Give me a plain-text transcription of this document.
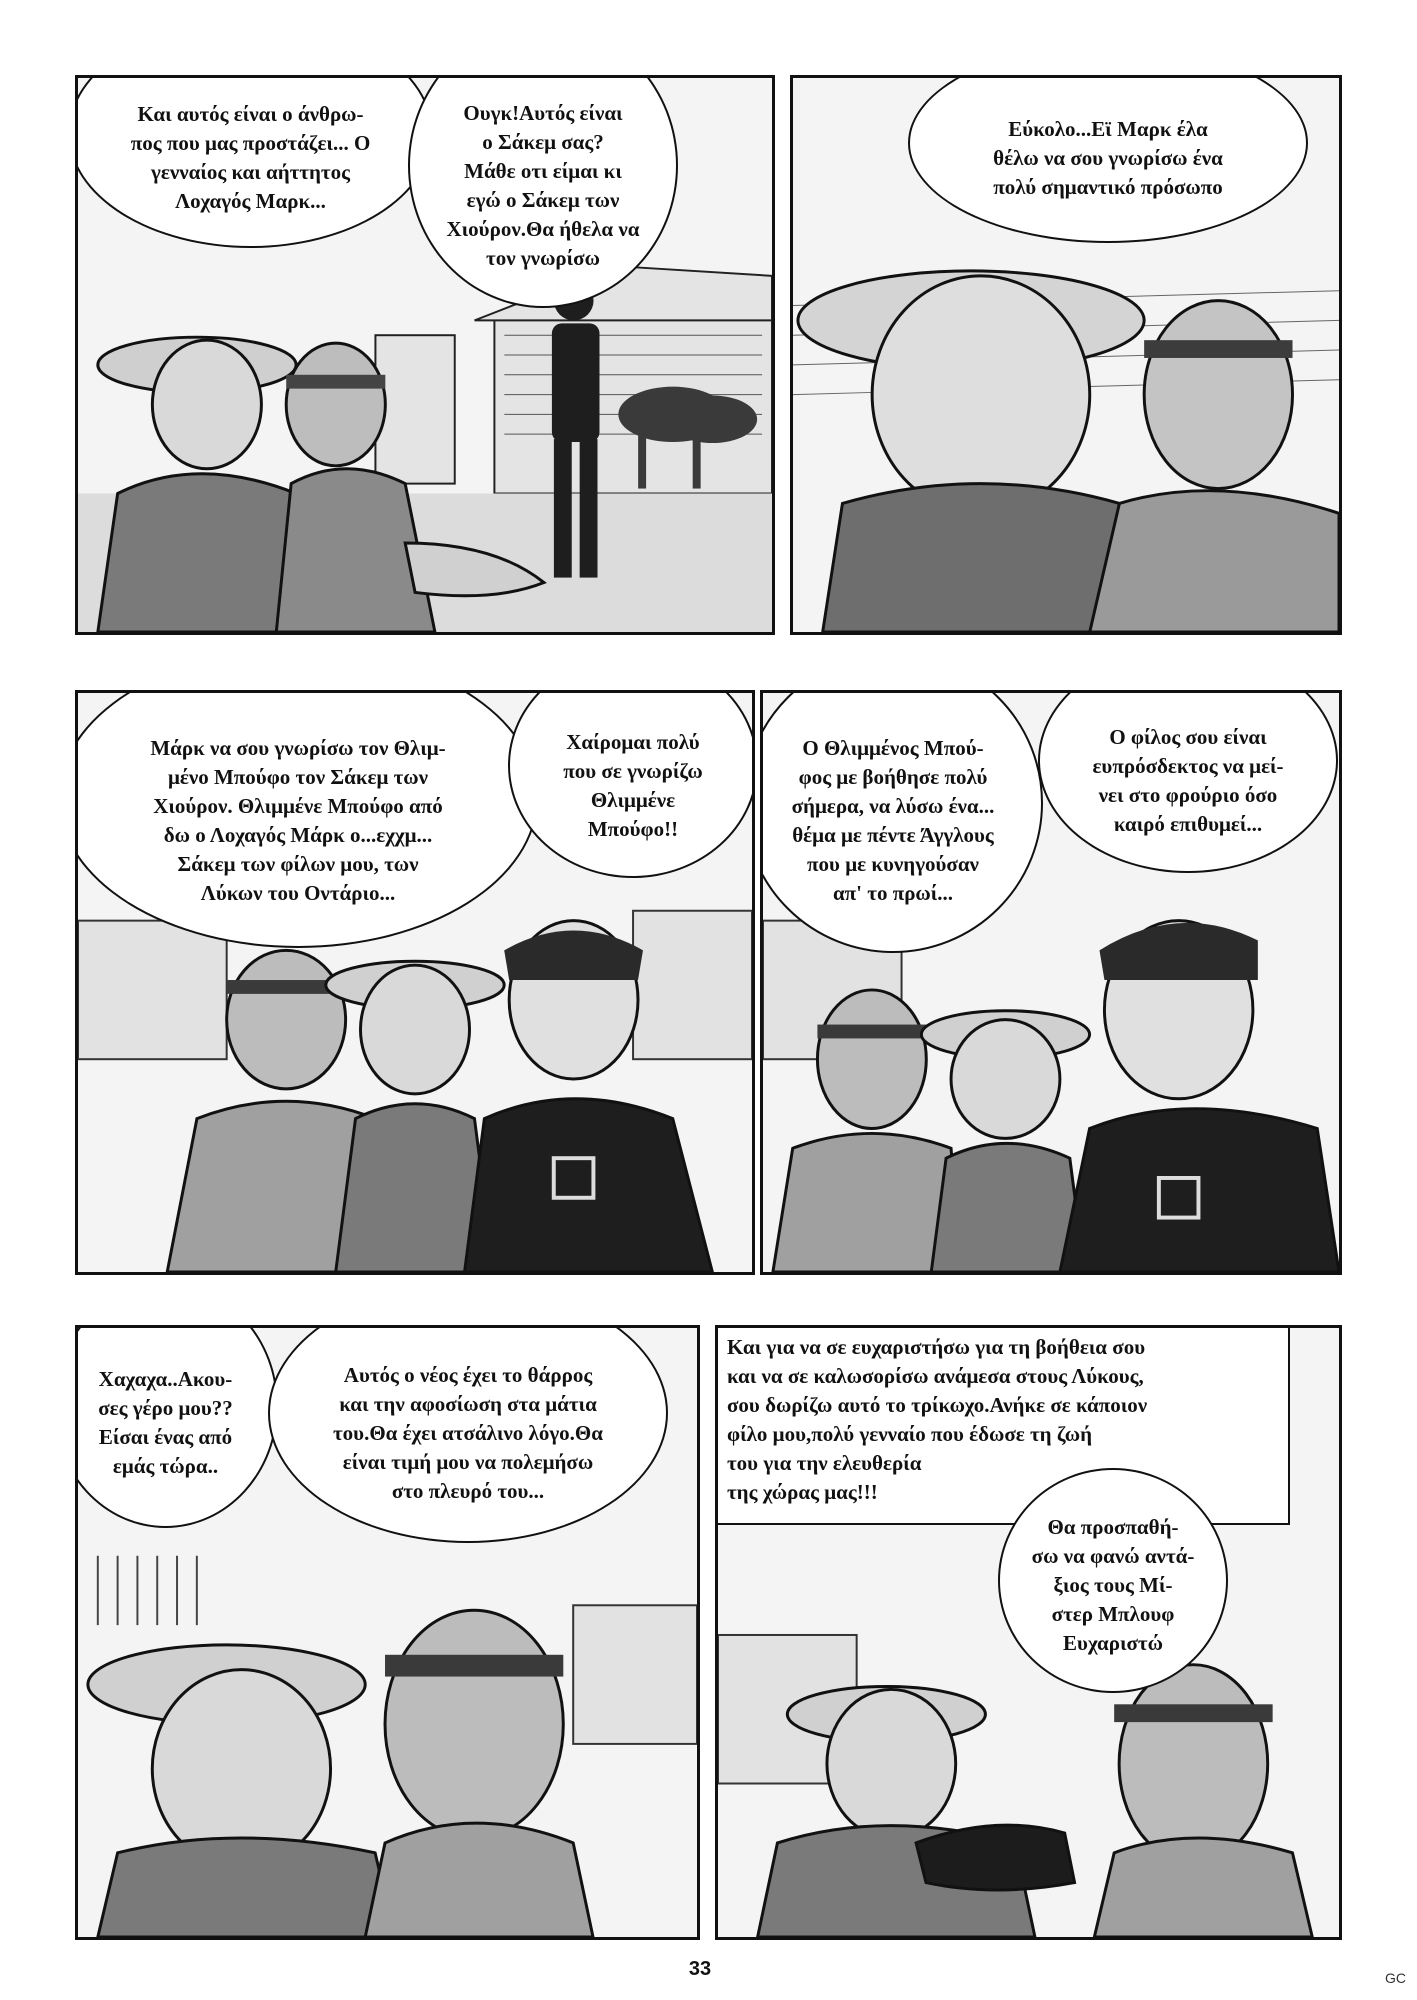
Και αυτός είναι ο άνθρω-
πος που μας προστάζει... Ο
γενναίος και αήττητος
Λοχαγός Μαρκ...
Ουγκ!Αυτός είναι
ο Σάκεμ σας?
Μάθε οτι είμαι κι
εγώ ο Σάκεμ των
Χιούρον.Θα ήθελα να
τον γνωρίσω
Εύκολο...Εϊ Μαρκ έλα
θέλω να σου γνωρίσω ένα
πολύ σημαντικό πρόσωπο
Μάρκ να σου γνωρίσω τον Θλιμ-
μένο Μπούφο τον Σάκεμ των
Χιούρον. Θλιμμένε Μπούφο από
δω ο Λοχαγός Μάρκ ο...εχχμ...
Σάκεμ των φίλων μου, των
Λύκων του Οντάριο...
Χαίρομαι πολύ
που σε γνωρίζω
Θλιμμένε
Μπούφο!!
Ο Θλιμμένος Μπού-
φος με βοήθησε πολύ
σήμερα, να λύσω ένα...
θέμα με πέντε Άγγλους
που με κυνηγούσαν
απ' το πρωί...
Ο φίλος σου είναι
ευπρόσδεκτος να μεί-
νει στο φρούριο όσο
καιρό επιθυμεί...
Χαχαχα..Ακου-
σες γέρο μου??
Είσαι ένας από
εμάς τώρα..
Αυτός ο νέος έχει το θάρρος
και την αφοσίωση στα μάτια
του.Θα έχει ατσάλινο λόγο.Θα
είναι τιμή μου να πολεμήσω
στο πλευρό του...
Και για να σε ευχαριστήσω για τη βοήθεια σου
και να σε καλωσορίσω ανάμεσα στους Λύκους,
σου δωρίζω αυτό το τρίκωχο.Ανήκε σε κάποιον
φίλο μου,πολύ γενναίο που έδωσε τη ζωή
του για την ελευθερία
της χώρας μας!!!
Θα προσπαθή-
σω να φανώ αντά-
ξιος τους Μί-
στερ Μπλουφ
Ευχαριστώ
33	GC
